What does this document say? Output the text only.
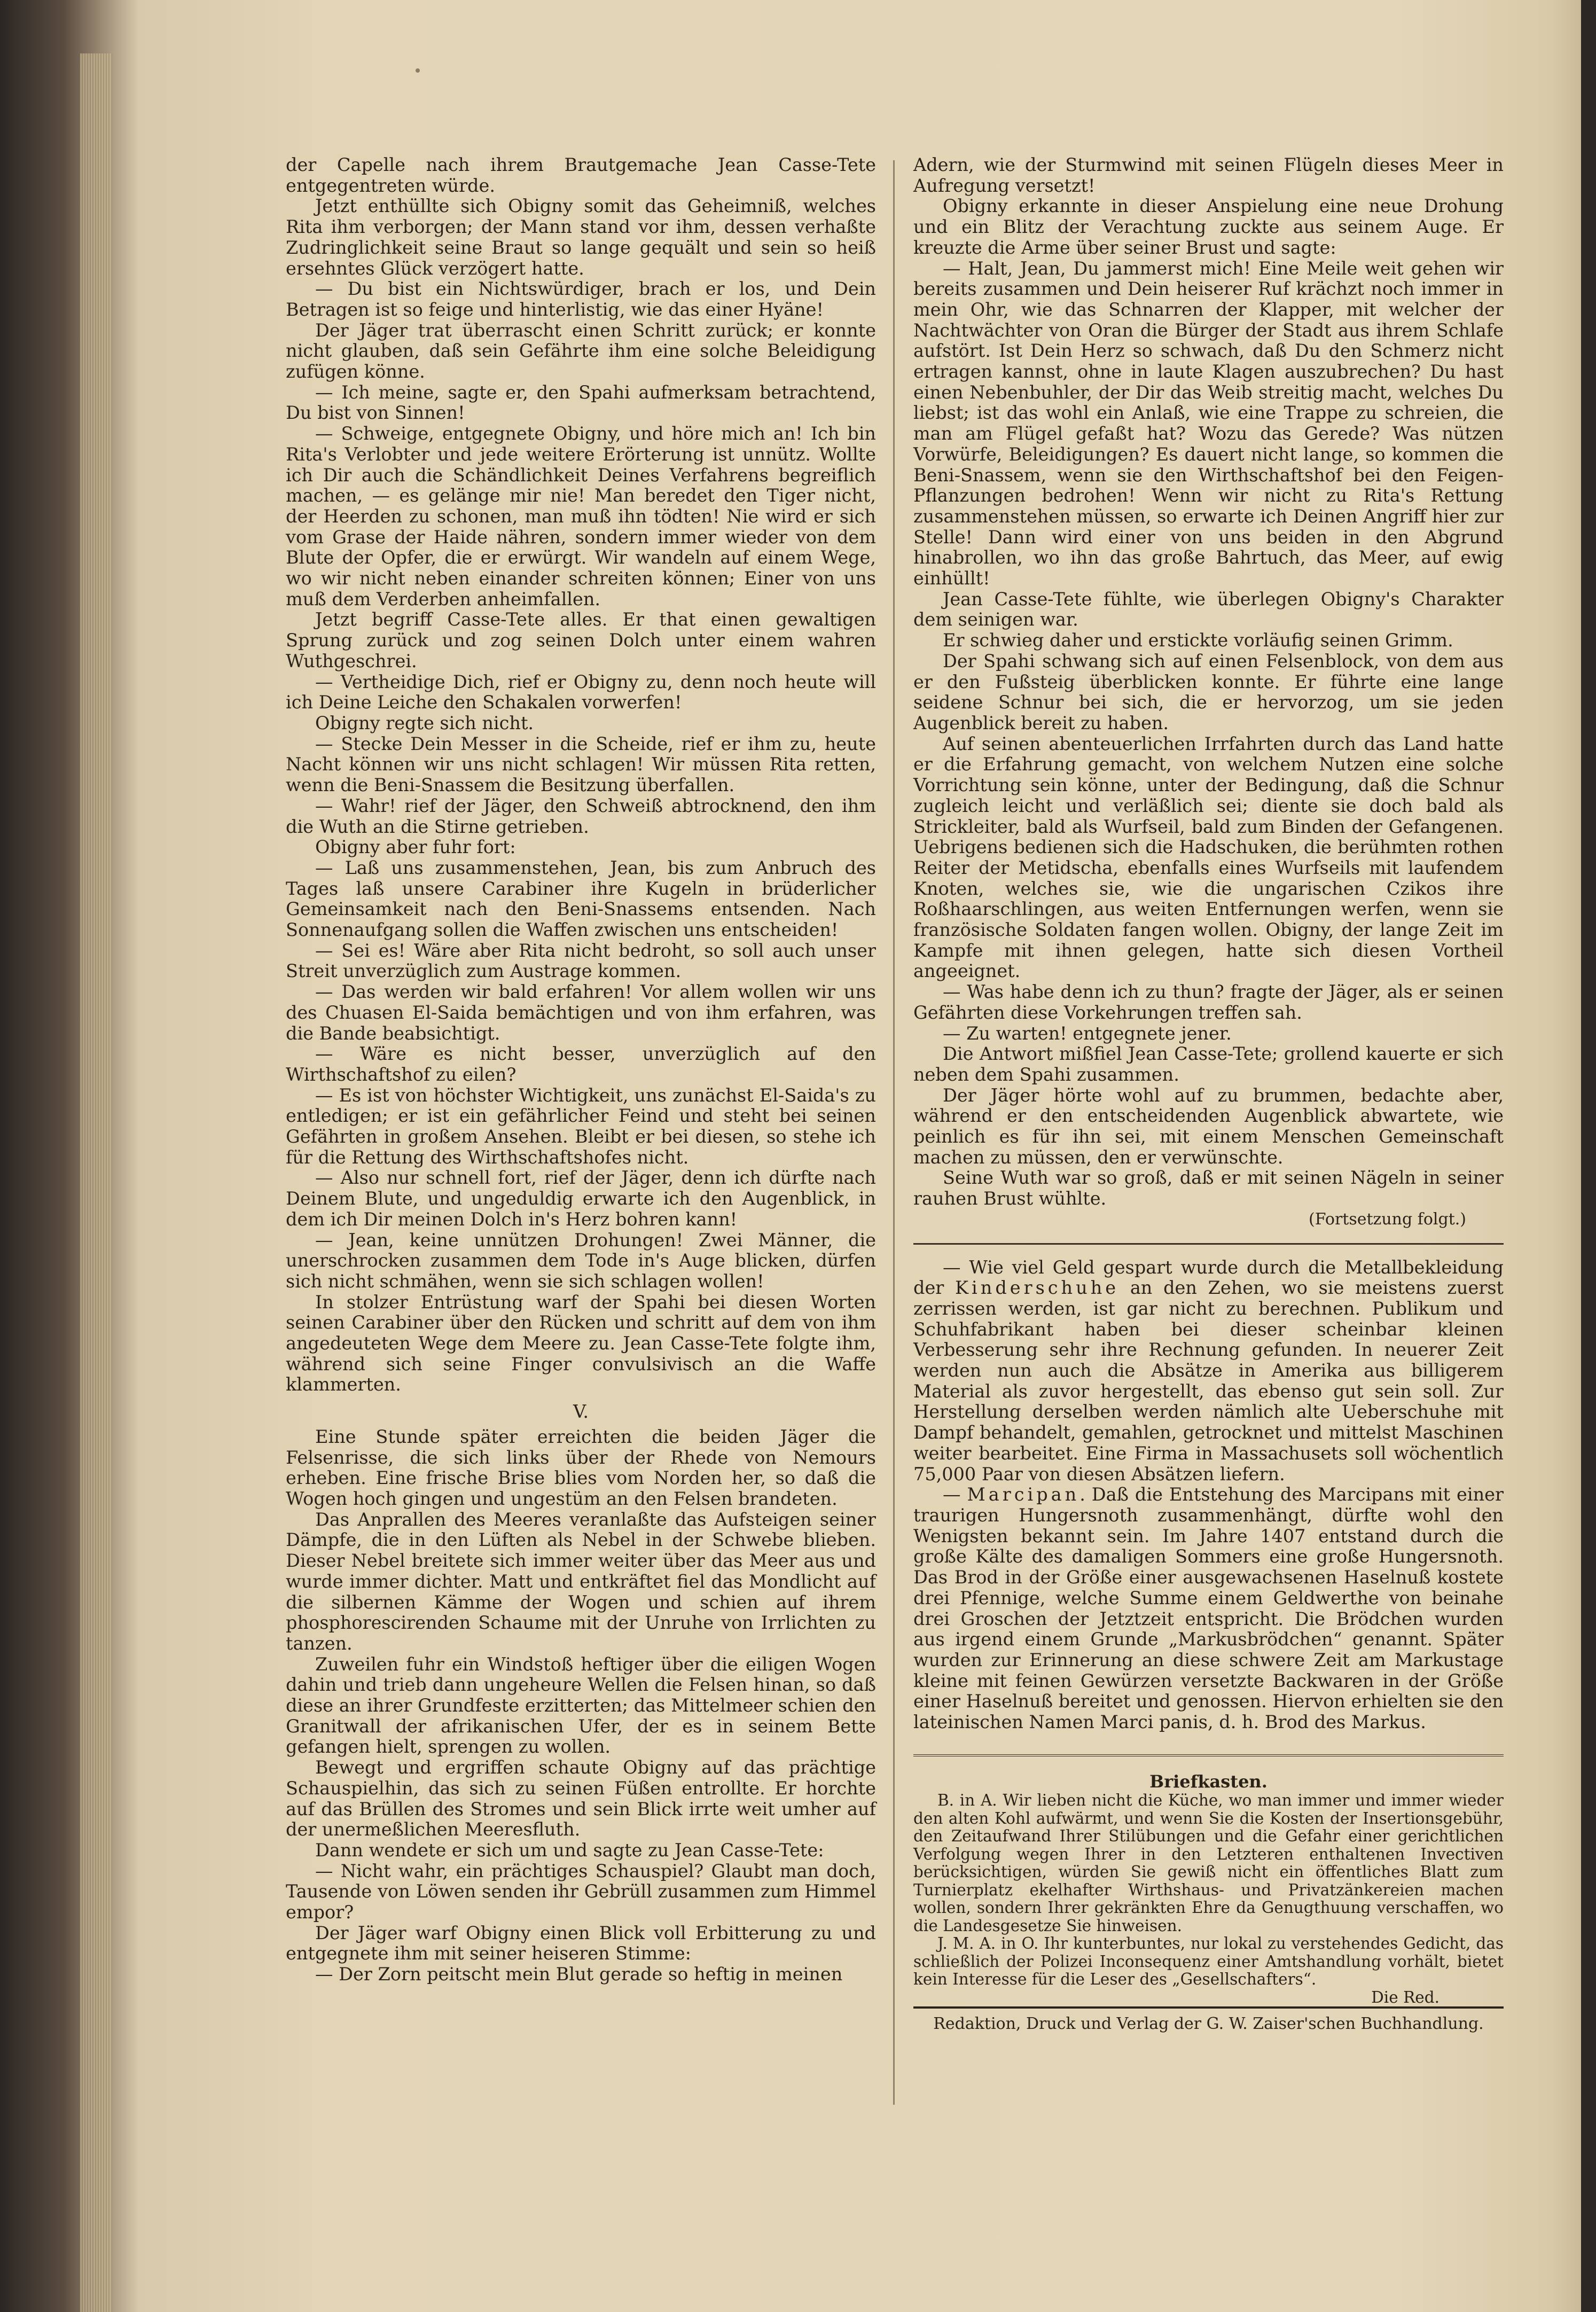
der Capelle nach ihrem Brautgemache Jean Casse-Tete entgegentreten würde.

Jetzt enthüllte sich Obigny somit das Geheimniß, welches Rita ihm verborgen; der Mann stand vor ihm, dessen verhaßte Zudringlichkeit seine Braut so lange gequält und sein so heiß ersehntes Glück verzögert hatte.

— Du bist ein Nichtswürdiger, brach er los, und Dein Betragen ist so feige und hinterlistig, wie das einer Hyäne!

Der Jäger trat überrascht einen Schritt zurück; er konnte nicht glauben, daß sein Gefährte ihm eine solche Beleidigung zufügen könne.

— Ich meine, sagte er, den Spahi aufmerksam betrachtend, Du bist von Sinnen!

— Schweige, entgegnete Obigny, und höre mich an! Ich bin Rita's Verlobter und jede weitere Erörterung ist unnütz. Wollte ich Dir auch die Schändlichkeit Deines Verfahrens begreiflich machen, — es gelänge mir nie! Man beredet den Tiger nicht, der Heerden zu schonen, man muß ihn tödten! Nie wird er sich vom Grase der Haide nähren, sondern immer wieder von dem Blute der Opfer, die er erwürgt. Wir wandeln auf einem Wege, wo wir nicht neben einander schreiten können; Einer von uns muß dem Verderben anheimfallen.

Jetzt begriff Casse-Tete alles. Er that einen gewaltigen Sprung zurück und zog seinen Dolch unter einem wahren Wuthgeschrei.

— Vertheidige Dich, rief er Obigny zu, denn noch heute will ich Deine Leiche den Schakalen vorwerfen!

Obigny regte sich nicht.

— Stecke Dein Messer in die Scheide, rief er ihm zu, heute Nacht können wir uns nicht schlagen! Wir müssen Rita retten, wenn die Beni-Snassem die Besitzung überfallen.

— Wahr! rief der Jäger, den Schweiß abtrocknend, den ihm die Wuth an die Stirne getrieben.

Obigny aber fuhr fort:

— Laß uns zusammenstehen, Jean, bis zum Anbruch des Tages laß unsere Carabiner ihre Kugeln in brüderlicher Gemeinsamkeit nach den Beni-Snassems entsenden. Nach Sonnenaufgang sollen die Waffen zwischen uns entscheiden!

— Sei es! Wäre aber Rita nicht bedroht, so soll auch unser Streit unverzüglich zum Austrage kommen.

— Das werden wir bald erfahren! Vor allem wollen wir uns des Chuasen El-Saida bemächtigen und von ihm erfahren, was die Bande beabsichtigt.

— Wäre es nicht besser, unverzüglich auf den Wirthschaftshof zu eilen?

— Es ist von höchster Wichtigkeit, uns zunächst El-Saida's zu entledigen; er ist ein gefährlicher Feind und steht bei seinen Gefährten in großem Ansehen. Bleibt er bei diesen, so stehe ich für die Rettung des Wirthschaftshofes nicht.

— Also nur schnell fort, rief der Jäger, denn ich dürfte nach Deinem Blute, und ungeduldig erwarte ich den Augenblick, in dem ich Dir meinen Dolch in's Herz bohren kann!

— Jean, keine unnützen Drohungen! Zwei Männer, die unerschrocken zusammen dem Tode in's Auge blicken, dürfen sich nicht schmähen, wenn sie sich schlagen wollen!

In stolzer Entrüstung warf der Spahi bei diesen Worten seinen Carabiner über den Rücken und schritt auf dem von ihm angedeuteten Wege dem Meere zu. Jean Casse-Tete folgte ihm, während sich seine Finger convulsivisch an die Waffe klammerten.

V.

Eine Stunde später erreichten die beiden Jäger die Felsenrisse, die sich links über der Rhede von Nemours erheben. Eine frische Brise blies vom Norden her, so daß die Wogen hoch gingen und ungestüm an den Felsen brandeten.

Das Anprallen des Meeres veranlaßte das Aufsteigen seiner Dämpfe, die in den Lüften als Nebel in der Schwebe blieben. Dieser Nebel breitete sich immer weiter über das Meer aus und wurde immer dichter. Matt und entkräftet fiel das Mondlicht auf die silbernen Kämme der Wogen und schien auf ihrem phosphorescirenden Schaume mit der Unruhe von Irrlichten zu tanzen.

Zuweilen fuhr ein Windstoß heftiger über die eiligen Wogen dahin und trieb dann ungeheure Wellen die Felsen hinan, so daß diese an ihrer Grundfeste erzitterten; das Mittelmeer schien den Granitwall der afrikanischen Ufer, der es in seinem Bette gefangen hielt, sprengen zu wollen.

Bewegt und ergriffen schaute Obigny auf das prächtige Schauspielhin, das sich zu seinen Füßen entrollte. Er horchte auf das Brüllen des Stromes und sein Blick irrte weit umher auf der unermeßlichen Meeresfluth.

Dann wendete er sich um und sagte zu Jean Casse-Tete:

— Nicht wahr, ein prächtiges Schauspiel? Glaubt man doch, Tausende von Löwen senden ihr Gebrüll zusammen zum Himmel empor?

Der Jäger warf Obigny einen Blick voll Erbitterung zu und entgegnete ihm mit seiner heiseren Stimme:

— Der Zorn peitscht mein Blut gerade so heftig in meinen

Adern, wie der Sturmwind mit seinen Flügeln dieses Meer in Aufregung versetzt!

Obigny erkannte in dieser Anspielung eine neue Drohung und ein Blitz der Verachtung zuckte aus seinem Auge. Er kreuzte die Arme über seiner Brust und sagte:

— Halt, Jean, Du jammerst mich! Eine Meile weit gehen wir bereits zusammen und Dein heiserer Ruf krächzt noch immer in mein Ohr, wie das Schnarren der Klapper, mit welcher der Nachtwächter von Oran die Bürger der Stadt aus ihrem Schlafe aufstört. Ist Dein Herz so schwach, daß Du den Schmerz nicht ertragen kannst, ohne in laute Klagen auszubrechen? Du hast einen Nebenbuhler, der Dir das Weib streitig macht, welches Du liebst; ist das wohl ein Anlaß, wie eine Trappe zu schreien, die man am Flügel gefaßt hat? Wozu das Gerede? Was nützen Vorwürfe, Beleidigungen? Es dauert nicht lange, so kommen die Beni-Snassem, wenn sie den Wirthschaftshof bei den Feigen-Pflanzungen bedrohen! Wenn wir nicht zu Rita's Rettung zusammenstehen müssen, so erwarte ich Deinen Angriff hier zur Stelle! Dann wird einer von uns beiden in den Abgrund hinabrollen, wo ihn das große Bahrtuch, das Meer, auf ewig einhüllt!

Jean Casse-Tete fühlte, wie überlegen Obigny's Charakter dem seinigen war.

Er schwieg daher und erstickte vorläufig seinen Grimm.

Der Spahi schwang sich auf einen Felsenblock, von dem aus er den Fußsteig überblicken konnte. Er führte eine lange seidene Schnur bei sich, die er hervorzog, um sie jeden Augenblick bereit zu haben.

Auf seinen abenteuerlichen Irrfahrten durch das Land hatte er die Erfahrung gemacht, von welchem Nutzen eine solche Vorrichtung sein könne, unter der Bedingung, daß die Schnur zugleich leicht und verläßlich sei; diente sie doch bald als Strickleiter, bald als Wurfseil, bald zum Binden der Gefangenen. Uebrigens bedienen sich die Hadschuken, die berühmten rothen Reiter der Metidscha, ebenfalls eines Wurfseils mit laufendem Knoten, welches sie, wie die ungarischen Czikos ihre Roßhaarschlingen, aus weiten Entfernungen werfen, wenn sie französische Soldaten fangen wollen. Obigny, der lange Zeit im Kampfe mit ihnen gelegen, hatte sich diesen Vortheil angeeignet.

— Was habe denn ich zu thun? fragte der Jäger, als er seinen Gefährten diese Vorkehrungen treffen sah.

— Zu warten! entgegnete jener.

Die Antwort mißfiel Jean Casse-Tete; grollend kauerte er sich neben dem Spahi zusammen.

Der Jäger hörte wohl auf zu brummen, bedachte aber, während er den entscheidenden Augenblick abwartete, wie peinlich es für ihn sei, mit einem Menschen Gemeinschaft machen zu müssen, den er verwünschte.

Seine Wuth war so groß, daß er mit seinen Nägeln in seiner rauhen Brust wühlte.

(Fortsetzung folgt.)

— Wie viel Geld gespart wurde durch die Metallbekleidung der Kinderschuhe an den Zehen, wo sie meistens zuerst zerrissen werden, ist gar nicht zu berechnen. Publikum und Schuhfabrikant haben bei dieser scheinbar kleinen Verbesserung sehr ihre Rechnung gefunden. In neuerer Zeit werden nun auch die Absätze in Amerika aus billigerem Material als zuvor hergestellt, das ebenso gut sein soll. Zur Herstellung derselben werden nämlich alte Ueberschuhe mit Dampf behandelt, gemahlen, getrocknet und mittelst Maschinen weiter bearbeitet. Eine Firma in Massachusets soll wöchentlich 75,000 Paar von diesen Absätzen liefern.

— Marcipan. Daß die Entstehung des Marcipans mit einer traurigen Hungersnoth zusammenhängt, dürfte wohl den Wenigsten bekannt sein. Im Jahre 1407 entstand durch die große Kälte des damaligen Sommers eine große Hungersnoth. Das Brod in der Größe einer ausgewachsenen Haselnuß kostete drei Pfennige, welche Summe einem Geldwerthe von beinahe drei Groschen der Jetztzeit entspricht. Die Brödchen wurden aus irgend einem Grunde „Markusbrödchen“ genannt. Später wurden zur Erinnerung an diese schwere Zeit am Markustage kleine mit feinen Gewürzen versetzte Backwaren in der Größe einer Haselnuß bereitet und genossen. Hiervon erhielten sie den lateinischen Namen Marci panis, d. h. Brod des Markus.

Briefkasten.

B. in A. Wir lieben nicht die Küche, wo man immer und immer wieder den alten Kohl aufwärmt, und wenn Sie die Kosten der Insertionsgebühr, den Zeitaufwand Ihrer Stilübungen und die Gefahr einer gerichtlichen Verfolgung wegen Ihrer in den Letzteren enthaltenen Invectiven berücksichtigen, würden Sie gewiß nicht ein öffentliches Blatt zum Turnierplatz ekelhafter Wirthshaus- und Privatzänkereien machen wollen, sondern Ihrer gekränkten Ehre da Genugthuung verschaffen, wo die Landesgesetze Sie hinweisen.

J. M. A. in O. Ihr kunterbuntes, nur lokal zu verstehendes Gedicht, das schließlich der Polizei Inconsequenz einer Amtshandlung vorhält, bietet kein Interesse für die Leser des „Gesellschafters“.

Die Red.

Redaktion, Druck und Verlag der G. W. Zaiser'schen Buchhandlung.
